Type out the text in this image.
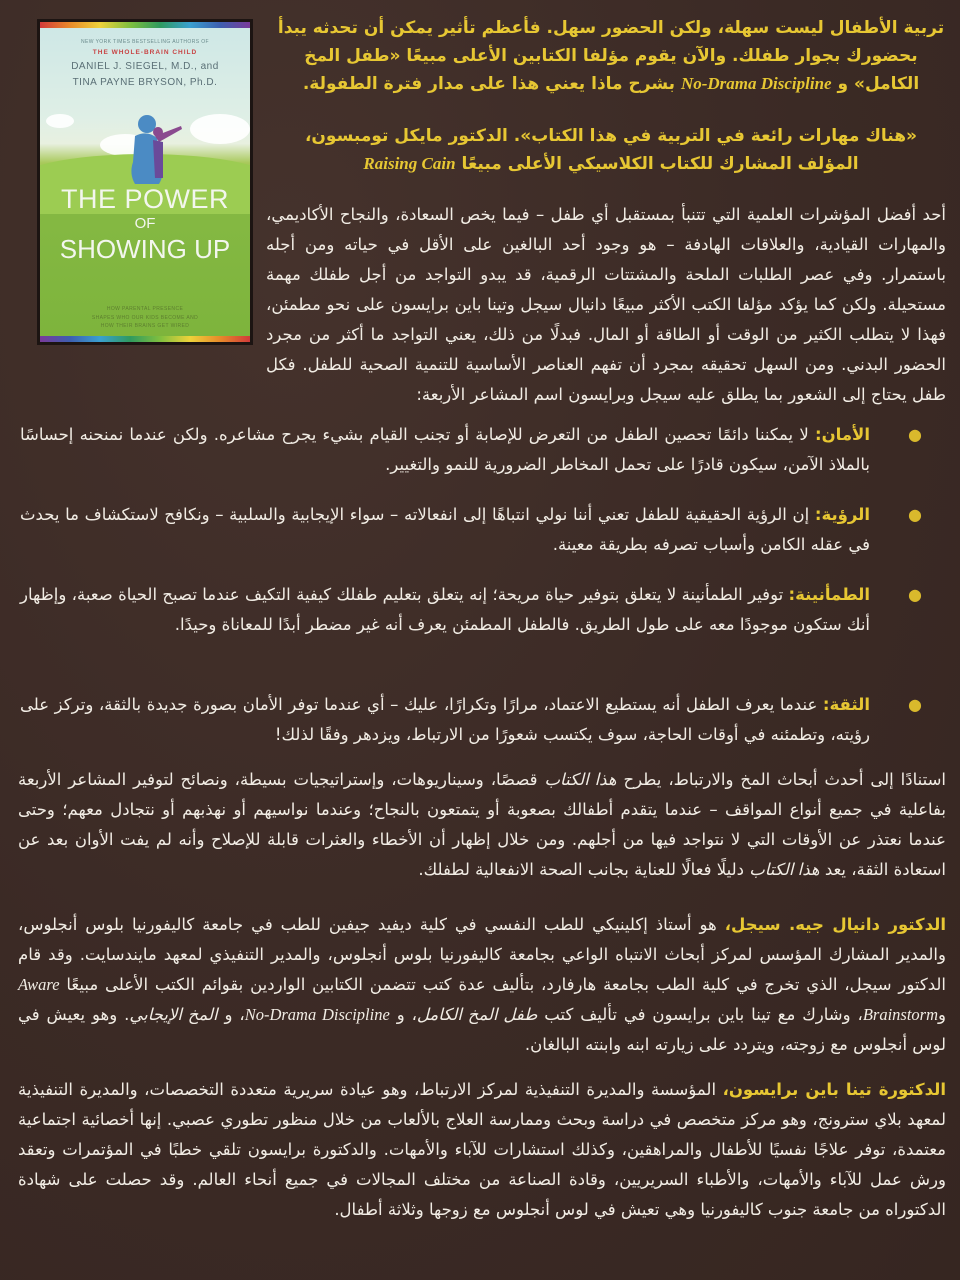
NEW YORK TIMES BESTSELLING AUTHORS OF
THE WHOLE-BRAIN CHILD
DANIEL J. SIEGEL, M.D., and
TINA PAYNE BRYSON, Ph.D.
THE POWER
OF
SHOWING UP
HOW PARENTAL PRESENCE
SHAPES WHO OUR KIDS BECOME AND
HOW THEIR BRAINS GET WIRED
تربية الأطفال ليست سهلة، ولكن الحضور سهل. فأعظم تأثير يمكن أن تحدثه يبدأ بحضورك بجوار طفلك. والآن يقوم مؤلفا الكتابين الأعلى مبيعًا «طفل المخ الكامل» و No-Drama Discipline بشرح ماذا يعني هذا على مدار فترة الطفولة.
«هناك مهارات رائعة في التربية في هذا الكتاب». الدكتور مايكل تومبسون، المؤلف المشارك للكتاب الكلاسيكي الأعلى مبيعًا Raising Cain
أحد أفضل المؤشرات العلمية التي تتنبأ بمستقبل أي طفل – فيما يخص السعادة، والنجاح الأكاديمي، والمهارات القيادية، والعلاقات الهادفة – هو وجود أحد البالغين على الأقل في حياته ومن أجله باستمرار. وفي عصر الطلبات الملحة والمشتتات الرقمية، قد يبدو التواجد من أجل طفلك مهمة مستحيلة. ولكن كما يؤكد مؤلفا الكتب الأكثر مبيعًا دانيال سيجل وتينا باين برايسون على نحو مطمئن، فهذا لا يتطلب الكثير من الوقت أو الطاقة أو المال. فبدلًا من ذلك، يعني التواجد ما أكثر من مجرد الحضور البدني. ومن السهل تحقيقه بمجرد أن تفهم العناصر الأساسية للتنمية الصحية للطفل. فكل طفل يحتاج إلى الشعور بما يطلق عليه سيجل وبرايسون اسم المشاعر الأربعة:

●
الأمان: لا يمكننا دائمًا تحصين الطفل من التعرض للإصابة أو تجنب القيام بشيء يجرح مشاعره. ولكن عندما نمنحنه إحساسًا بالملاذ الآمن، سيكون قادرًا على تحمل المخاطر الضرورية للنمو والتغيير.

●
الرؤية: إن الرؤية الحقيقية للطفل تعني أننا نولي انتباهًا إلى انفعالاته – سواء الإيجابية والسلبية – ونكافح لاستكشاف ما يحدث في عقله الكامن وأسباب تصرفه بطريقة معينة.

●
الطمأنينة: توفير الطمأنينة لا يتعلق بتوفير حياة مريحة؛ إنه يتعلق بتعليم طفلك كيفية التكيف عندما تصبح الحياة صعبة، وإظهار أنك ستكون موجودًا معه على طول الطريق. فالطفل المطمئن يعرف أنه غير مضطر أبدًا للمعاناة وحيدًا.

●
الثقة: عندما يعرف الطفل أنه يستطيع الاعتماد، مرارًا وتكرارًا، عليك – أي عندما توفر الأمان بصورة جديدة بالثقة، وتركز على رؤيته، وتطمئنه في أوقات الحاجة، سوف يكتسب شعورًا من الارتباط، ويزدهر وفقًا لذلك!

استنادًا إلى أحدث أبحاث المخ والارتباط، يطرح هذا الكتاب قصصًا، وسيناريوهات، وإستراتيجيات بسيطة، ونصائح لتوفير المشاعر الأربعة بفاعلية في جميع أنواع المواقف – عندما يتقدم أطفالك بصعوبة أو يتمتعون بالنجاح؛ وعندما نواسيهم أو نهذبهم أو نتجادل معهم؛ وحتى عندما نعتذر عن الأوقات التي لا نتواجد فيها من أجلهم. ومن خلال إظهار أن الأخطاء والعثرات قابلة للإصلاح وأنه لم يفت الأوان بعد عن استعادة الثقة، يعد هذا الكتاب دليلًا فعالًا للعناية بجانب الصحة الانفعالية لطفلك.
الدكتور دانيال جيه. سيجل، هو أستاذ إكلينيكي للطب النفسي في كلية ديفيد جيفين للطب في جامعة كاليفورنيا بلوس أنجلوس، والمدير المشارك المؤسس لمركز أبحاث الانتباه الواعي بجامعة كاليفورنيا بلوس أنجلوس، والمدير التنفيذي لمعهد مايندسايت. وقد قام الدكتور سيجل، الذي تخرج في كلية الطب بجامعة هارفارد، بتأليف عدة كتب تتضمن الكتابين الواردين بقوائم الكتب الأعلى مبيعًا Aware وBrainstorm، وشارك مع تينا باين برايسون في تأليف كتب طفل المخ الكامل، و No-Drama Discipline، و المخ الإيجابي. وهو يعيش في لوس أنجلوس مع زوجته، ويتردد على زيارته ابنه وابنته البالغان.
الدكتورة تينا باين برايسون، المؤسسة والمديرة التنفيذية لمركز الارتباط، وهو عيادة سريرية متعددة التخصصات، والمديرة التنفيذية لمعهد بلاي سترونج، وهو مركز متخصص في دراسة وبحث وممارسة العلاج بالألعاب من خلال منظور تطوري عصبي. إنها أخصائية اجتماعية معتمدة، توفر علاجًا نفسيًا للأطفال والمراهقين، وكذلك استشارات للآباء والأمهات. والدكتورة برايسون تلقي خطبًا في المؤتمرات وتعقد ورش عمل للآباء والأمهات، والأطباء السريريين، وقادة الصناعة من مختلف المجالات في جميع أنحاء العالم. وقد حصلت على شهادة الدكتوراه من جامعة جنوب كاليفورنيا وهي تعيش في لوس أنجلوس مع زوجها وثلاثة أطفال.
